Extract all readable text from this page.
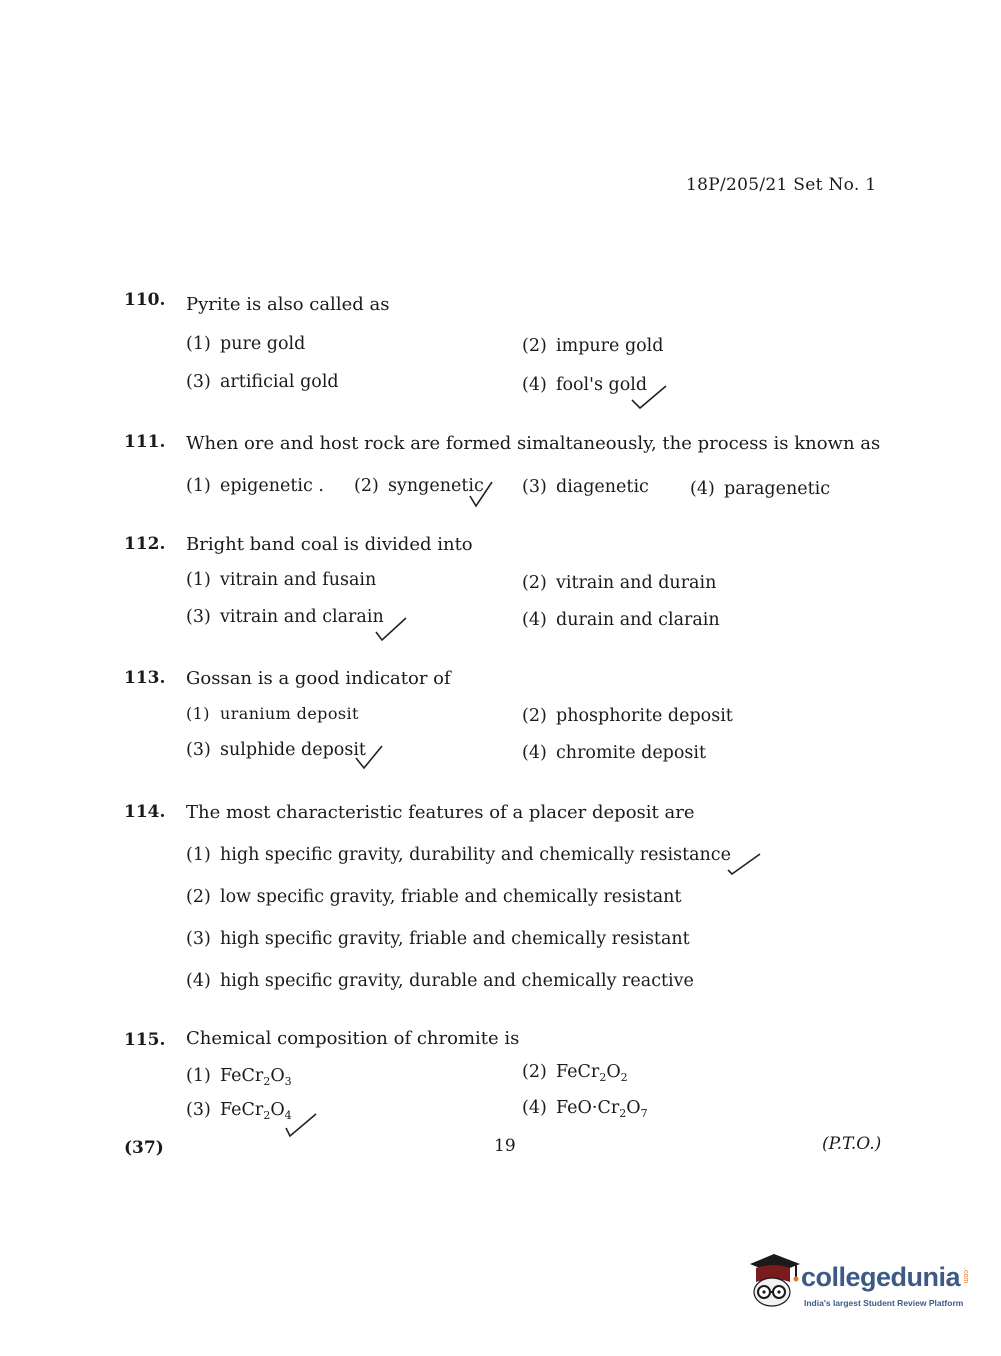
18P/205/21 Set No. 1
110. Pyrite is also called as
(1) pure gold	(2) impure gold
(3) artificial gold	(4) fool's gold
111. When ore and host rock are formed simaltaneously, the process is known as
(1) epigenetic . (2) syngenetic (3) diagenetic (4) paragenetic
112. Bright band coal is divided into
(1) vitrain and fusain	(2) vitrain and durain
(3) vitrain and clarain	(4) durain and clarain
113. Gossan is a good indicator of
(1) uranium deposit	(2) phosphorite deposit
(3) sulphide deposit	(4) chromite deposit
114. The most characteristic features of a placer deposit are
(1) high specific gravity, durability and chemically resistance
(2) low specific gravity, friable and chemically resistant
(3) high specific gravity, friable and chemically resistant
(4) high specific gravity, durable and chemically reactive
115. Chemical composition of chromite is
(1) $FeCr_2O_3$	(2) $FeCr_2O_2$
(3) $FeCr_2O_4$	(4) $FeO\cdot Cr_2O_7$
(37)	19	(P.T.O.)
collegedunia .com
India's largest Student Review Platform
